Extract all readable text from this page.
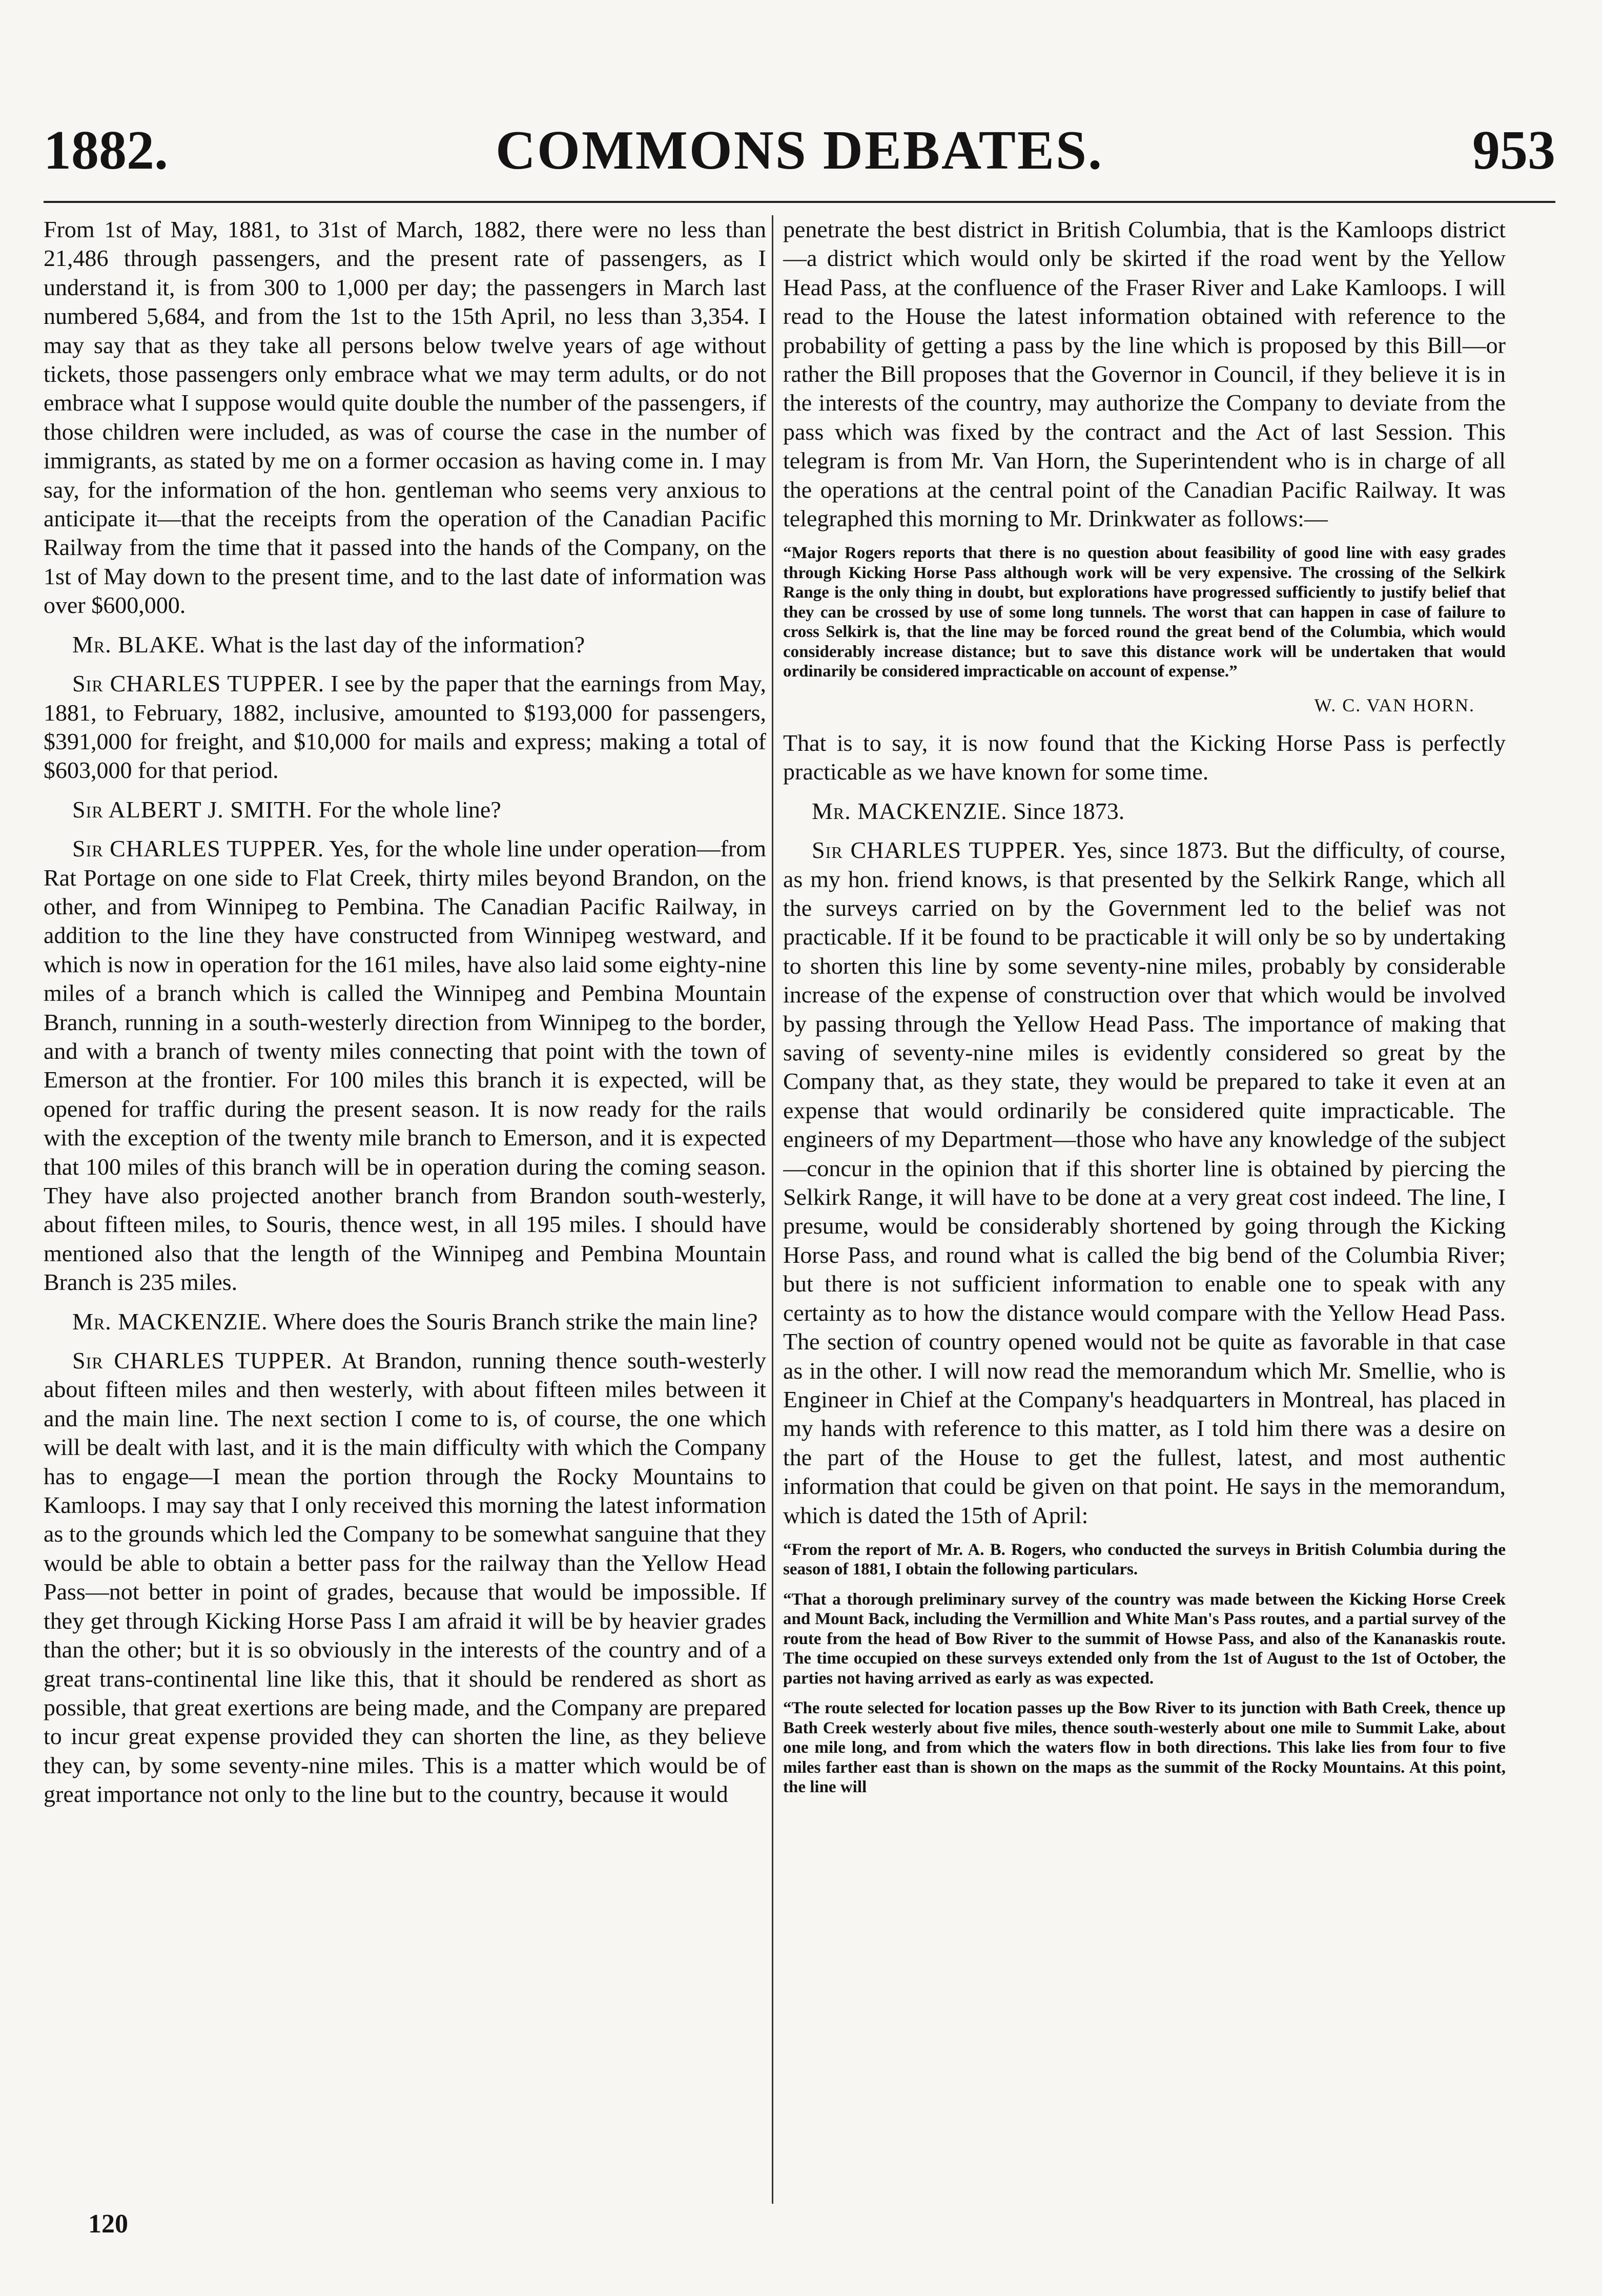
1882.	COMMONS DEBATES.	953

From 1st of May, 1881, to 31st of March, 1882, there were no less than 21,486 through passengers, and the present rate of passengers, as I understand it, is from 300 to 1,000 per day; the passengers in March last numbered 5,684, and from the 1st to the 15th April, no less than 3,354. I may say that as they take all persons below twelve years of age without tickets, those passengers only embrace what we may term adults, or do not embrace what I suppose would quite double the number of the passengers, if those children were included, as was of course the case in the number of immigrants, as stated by me on a former occasion as having come in. I may say, for the information of the hon. gentleman who seems very anxious to anticipate it—that the receipts from the operation of the Canadian Pacific Railway from the time that it passed into the hands of the Company, on the 1st of May down to the present time, and to the last date of information was over $600,000.

Mr. BLAKE. What is the last day of the information?

Sir CHARLES TUPPER. I see by the paper that the earnings from May, 1881, to February, 1882, inclusive, amounted to $193,000 for passengers, $391,000 for freight, and $10,000 for mails and express; making a total of $603,000 for that period.

Sir ALBERT J. SMITH. For the whole line?

Sir CHARLES TUPPER. Yes, for the whole line under operation—from Rat Portage on one side to Flat Creek, thirty miles beyond Brandon, on the other, and from Winnipeg to Pembina. The Canadian Pacific Railway, in addition to the line they have constructed from Winnipeg westward, and which is now in operation for the 161 miles, have also laid some eighty-nine miles of a branch which is called the Winnipeg and Pembina Mountain Branch, running in a south-westerly direction from Winnipeg to the border, and with a branch of twenty miles connecting that point with the town of Emerson at the frontier. For 100 miles this branch it is expected, will be opened for traffic during the present season. It is now ready for the rails with the exception of the twenty mile branch to Emerson, and it is expected that 100 miles of this branch will be in operation during the coming season. They have also projected another branch from Brandon south-westerly, about fifteen miles, to Souris, thence west, in all 195 miles. I should have mentioned also that the length of the Winnipeg and Pembina Mountain Branch is 235 miles.

Mr. MACKENZIE. Where does the Souris Branch strike the main line?

Sir CHARLES TUPPER. At Brandon, running thence south-westerly about fifteen miles and then westerly, with about fifteen miles between it and the main line. The next section I come to is, of course, the one which will be dealt with last, and it is the main difficulty with which the Company has to engage—I mean the portion through the Rocky Mountains to Kamloops. I may say that I only received this morning the latest information as to the grounds which led the Company to be somewhat sanguine that they would be able to obtain a better pass for the railway than the Yellow Head Pass—not better in point of grades, because that would be impossible. If they get through Kicking Horse Pass I am afraid it will be by heavier grades than the other; but it is so obviously in the interests of the country and of a great trans-continental line like this, that it should be rendered as short as possible, that great exertions are being made, and the Company are prepared to incur great expense provided they can shorten the line, as they believe they can, by some seventy-nine miles. This is a matter which would be of great importance not only to the line but to the country, because it would

penetrate the best district in British Columbia, that is the Kamloops district—a district which would only be skirted if the road went by the Yellow Head Pass, at the confluence of the Fraser River and Lake Kamloops. I will read to the House the latest information obtained with reference to the probability of getting a pass by the line which is proposed by this Bill—or rather the Bill proposes that the Governor in Council, if they believe it is in the interests of the country, may authorize the Company to deviate from the pass which was fixed by the contract and the Act of last Session. This telegram is from Mr. Van Horn, the Superintendent who is in charge of all the operations at the central point of the Canadian Pacific Railway. It was telegraphed this morning to Mr. Drinkwater as follows:—

“Major Rogers reports that there is no question about feasibility of good line with easy grades through Kicking Horse Pass although work will be very expensive. The crossing of the Selkirk Range is the only thing in doubt, but explorations have progressed sufficiently to justify belief that they can be crossed by use of some long tunnels. The worst that can happen in case of failure to cross Selkirk is, that the line may be forced round the great bend of the Columbia, which would considerably increase distance; but to save this distance work will be undertaken that would ordinarily be considered impracticable on account of expense.”

W. C. VAN HORN.

That is to say, it is now found that the Kicking Horse Pass is perfectly practicable as we have known for some time.

Mr. MACKENZIE. Since 1873.

Sir CHARLES TUPPER. Yes, since 1873. But the difficulty, of course, as my hon. friend knows, is that presented by the Selkirk Range, which all the surveys carried on by the Government led to the belief was not practicable. If it be found to be practicable it will only be so by undertaking to shorten this line by some seventy-nine miles, probably by considerable increase of the expense of construction over that which would be involved by passing through the Yellow Head Pass. The importance of making that saving of seventy-nine miles is evidently considered so great by the Company that, as they state, they would be prepared to take it even at an expense that would ordinarily be considered quite impracticable. The engineers of my Department—those who have any knowledge of the subject—concur in the opinion that if this shorter line is obtained by piercing the Selkirk Range, it will have to be done at a very great cost indeed. The line, I presume, would be considerably shortened by going through the Kicking Horse Pass, and round what is called the big bend of the Columbia River; but there is not sufficient information to enable one to speak with any certainty as to how the distance would compare with the Yellow Head Pass. The section of country opened would not be quite as favorable in that case as in the other. I will now read the memorandum which Mr. Smellie, who is Engineer in Chief at the Company's headquarters in Montreal, has placed in my hands with reference to this matter, as I told him there was a desire on the part of the House to get the fullest, latest, and most authentic information that could be given on that point. He says in the memorandum, which is dated the 15th of April:

“From the report of Mr. A. B. Rogers, who conducted the surveys in British Columbia during the season of 1881, I obtain the following particulars.

“That a thorough preliminary survey of the country was made between the Kicking Horse Creek and Mount Back, including the Vermillion and White Man's Pass routes, and a partial survey of the route from the head of Bow River to the summit of Howse Pass, and also of the Kananaskis route. The time occupied on these surveys extended only from the 1st of August to the 1st of October, the parties not having arrived as early as was expected.

“The route selected for location passes up the Bow River to its junction with Bath Creek, thence up Bath Creek westerly about five miles, thence south-westerly about one mile to Summit Lake, about one mile long, and from which the waters flow in both directions. This lake lies from four to five miles farther east than is shown on the maps as the summit of the Rocky Mountains. At this point, the line will

120
